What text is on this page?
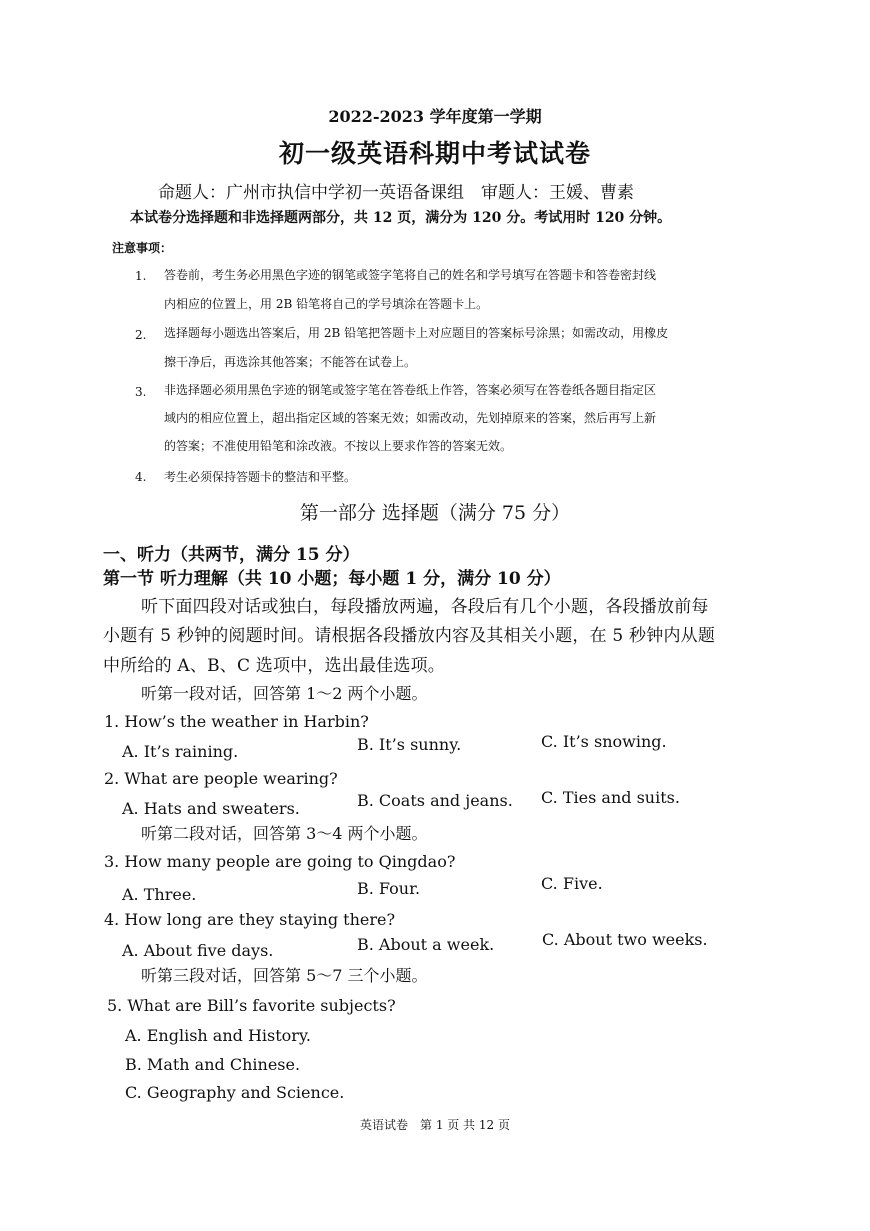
2022-2023 学年度第一学期
初一级英语科期中考试试卷
命题人：广州市执信中学初一英语备课组　审题人：王媛、曹素
本试卷分选择题和非选择题两部分，共 12 页，满分为 120 分。考试用时 120 分钟。
注意事项：
1. 答卷前，考生务必用黑色字迹的钢笔或签字笔将自己的姓名和学号填写在答题卡和答卷密封线
内相应的位置上，用 2B 铅笔将自己的学号填涂在答题卡上。
2. 选择题每小题选出答案后，用 2B 铅笔把答题卡上对应题目的答案标号涂黑；如需改动，用橡皮
擦干净后，再选涂其他答案；不能答在试卷上。
3. 非选择题必须用黑色字迹的钢笔或签字笔在答卷纸上作答，答案必须写在答卷纸各题目指定区
域内的相应位置上，超出指定区域的答案无效；如需改动，先划掉原来的答案，然后再写上新
的答案；不准使用铅笔和涂改液。不按以上要求作答的答案无效。
4. 考生必须保持答题卡的整洁和平整。
第一部分 选择题（满分 75 分）
一、听力（共两节，满分 15 分）
第一节 听力理解（共 10 小题；每小题 1 分，满分 10 分）
听下面四段对话或独白，每段播放两遍，各段后有几个小题，各段播放前每
小题有 5 秒钟的阅题时间。请根据各段播放内容及其相关小题，在 5 秒钟内从题
中所给的 A、B、C 选项中，选出最佳选项。
听第一段对话，回答第 1～2 两个小题。
1. How’s the weather in Harbin?
A. It’s raining.	B. It’s sunny.	C. It’s snowing.
2. What are people wearing?
A. Hats and sweaters.	B. Coats and jeans. C. Ties and suits.
听第二段对话，回答第 3～4 两个小题。
3. How many people are going to Qingdao?
A. Three.	B. Four.	C. Five.
4. How long are they staying there?
A. About five days.	B. About a week.	C. About two weeks.
听第三段对话，回答第 5～7 三个小题。
5. What are Bill’s favorite subjects?
A. English and History.
B. Math and Chinese.
C. Geography and Science.
英语试卷　第 1 页 共 12 页
